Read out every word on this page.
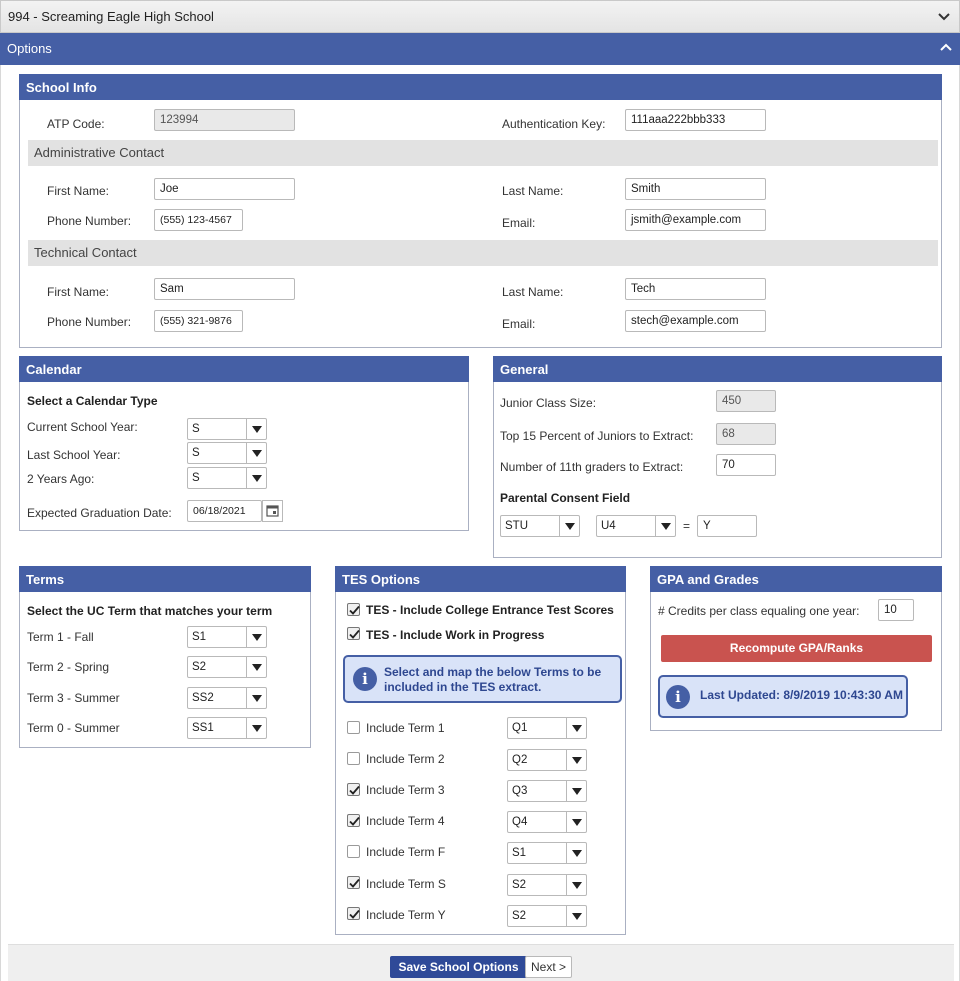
994 - Screaming Eagle High School
Options
School Info
ATP Code:	123994	Authentication Key:	111aaa222bbb333
Administrative Contact
First Name:	Joe	Last Name:	Smith
Phone Number:	(555) 123-4567	Email:	jsmith@example.com
Technical Contact
First Name:	Sam	Last Name:	Tech
Phone Number:	(555) 321-9876	Email:	stech@example.com
Calendar
Select a Calendar Type
Current School Year:	S
Last School Year:	S
2 Years Ago:	S
Expected Graduation Date:	06/18/2021
General
Junior Class Size:	450
Top 15 Percent of Juniors to Extract:	68
Number of 11th graders to Extract:	70
Parental Consent Field
STU	U4	=	Y
Terms
Select the UC Term that matches your term
Term 1 - Fall	S1
Term 2 - Spring	S2
Term 3 - Summer	SS2
Term 0 - Summer	SS1
TES Options
TES - Include College Entrance Test Scores
TES - Include Work in Progress
i	Select and map the below Terms to be included in the TES extract.
Include Term 1	Q1
Include Term 2	Q2
Include Term 3	Q3
Include Term 4	Q4
Include Term F	S1
Include Term S	S2
Include Term Y	S2
GPA and Grades
# Credits per class equaling one year:	10
Recompute GPA/Ranks
i	Last Updated: 8/9/2019 10:43:30 AM
Save School Options	Next >
